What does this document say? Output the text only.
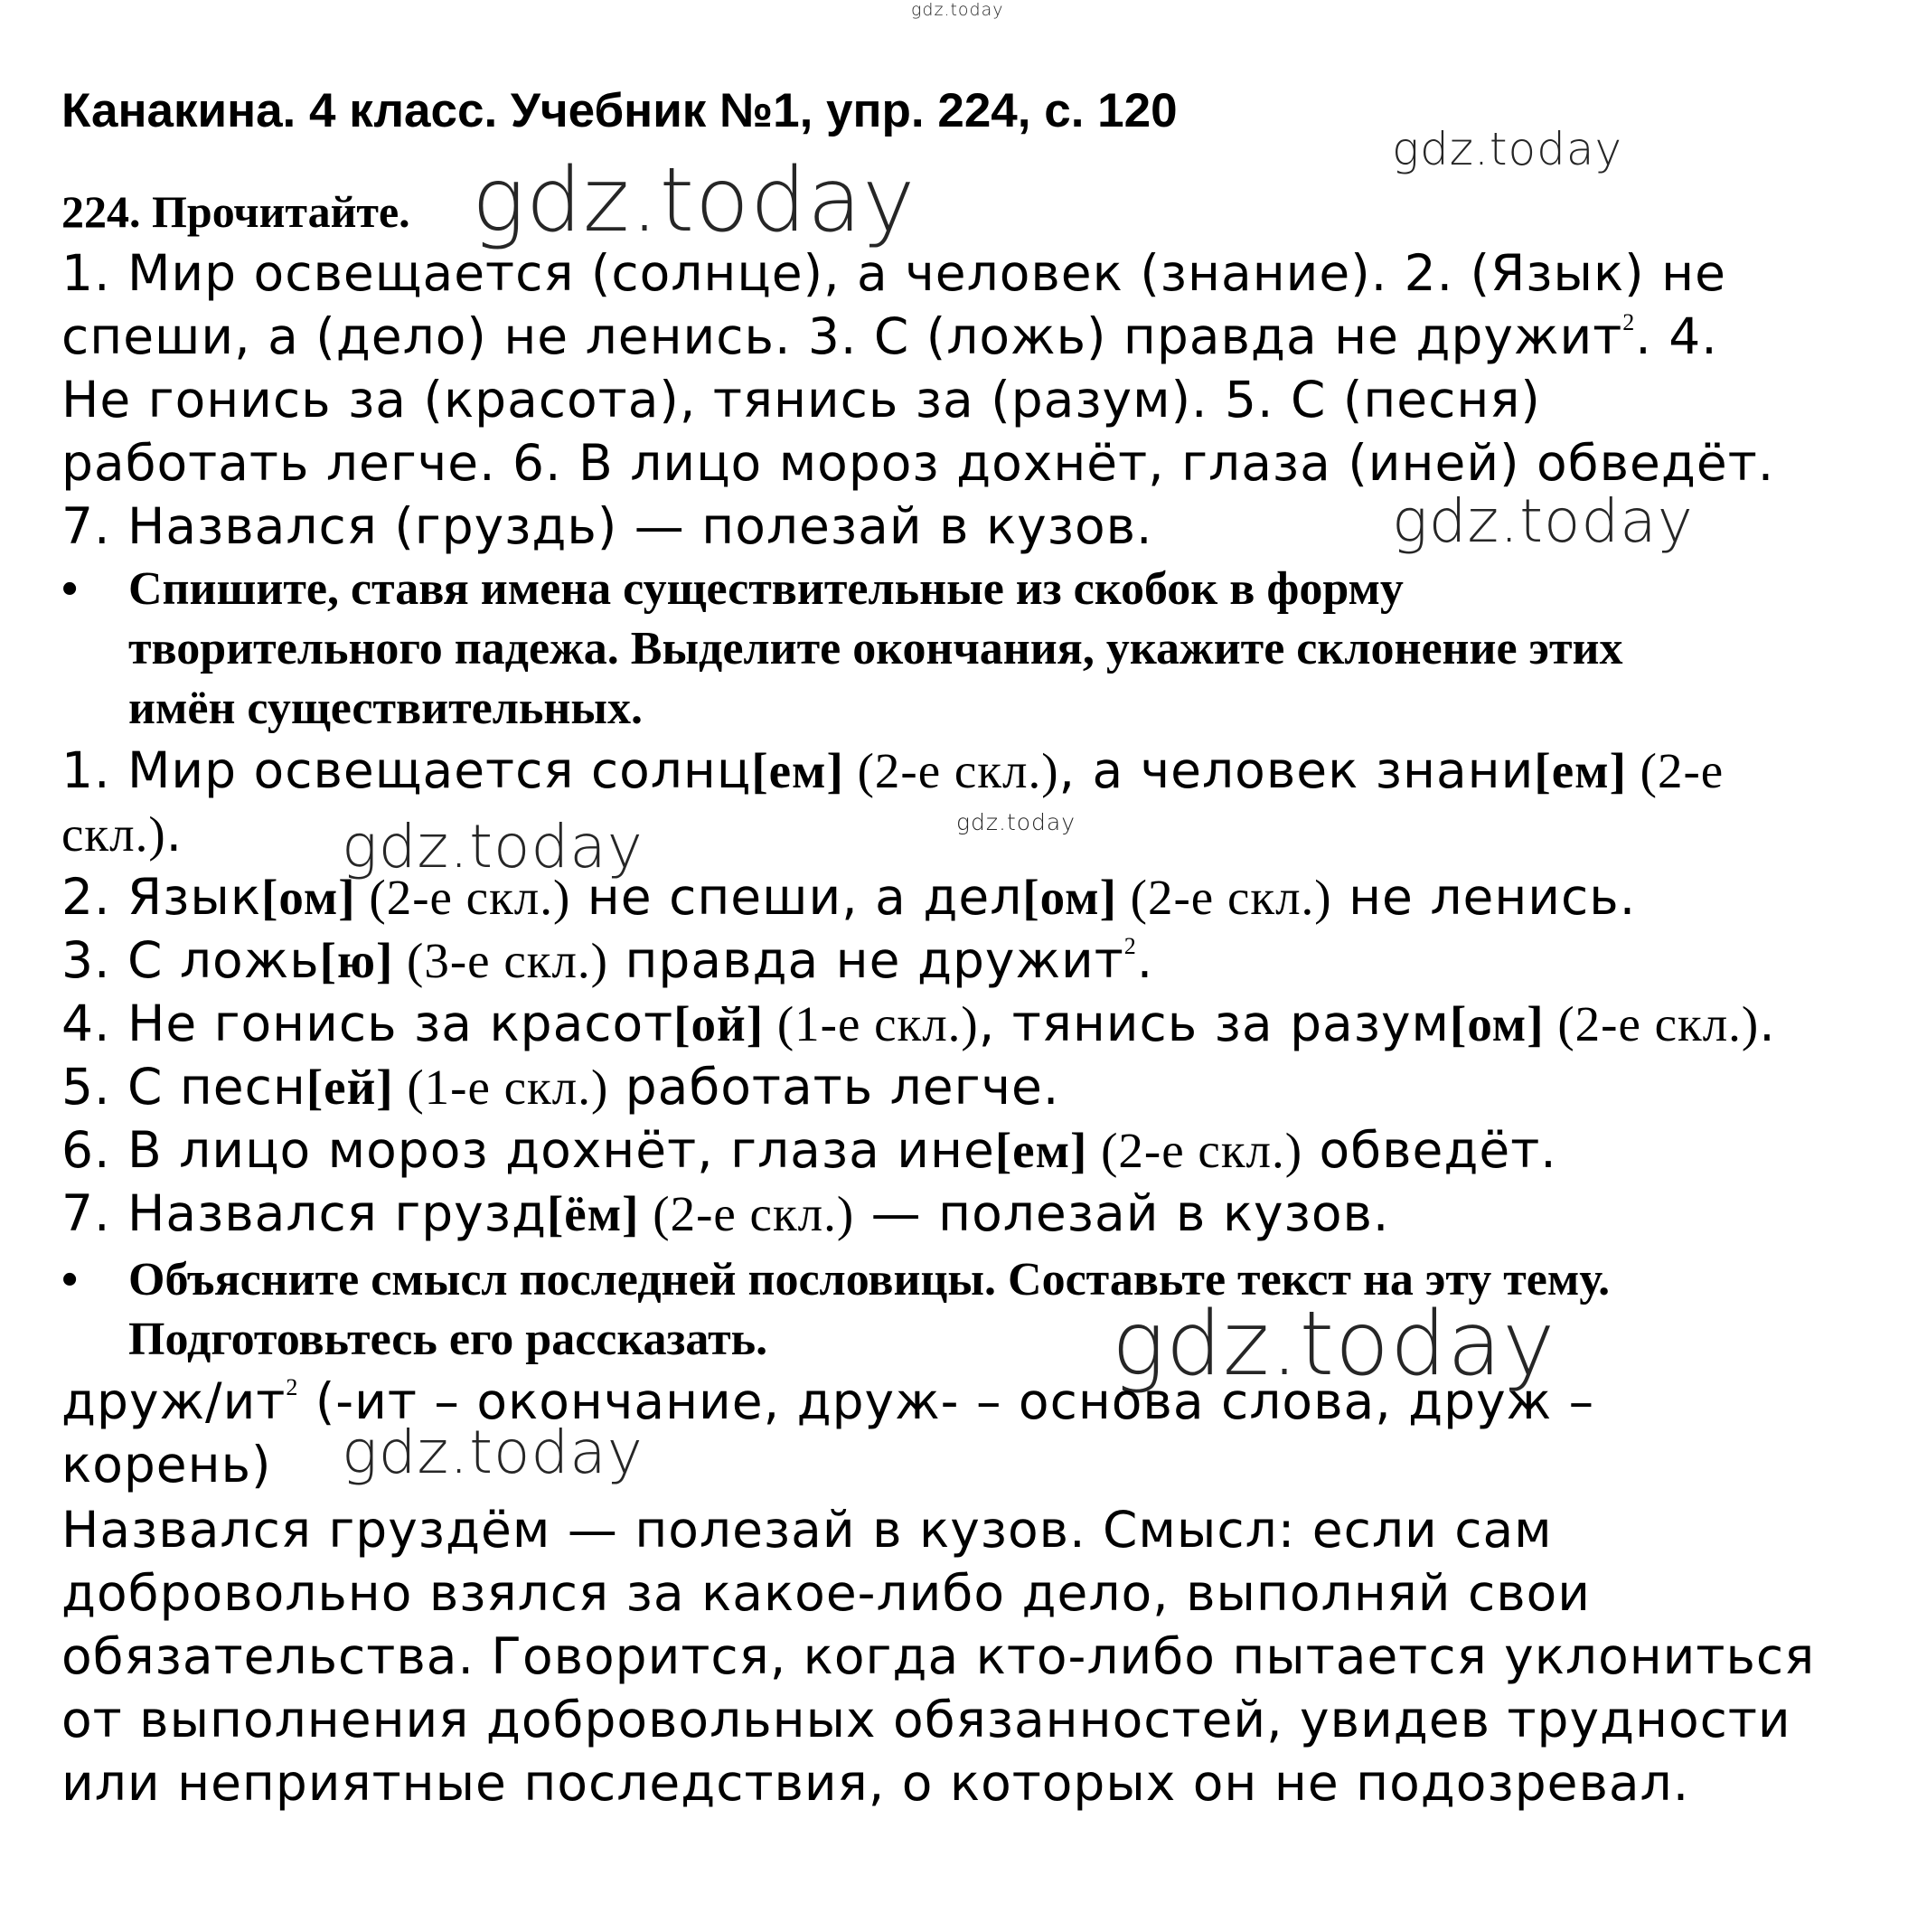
gdz.today
gdz.today
gdz.today
gdz.today
gdz.today
gdz.today
gdz.today
gdz.today
Канакина. 4 класс. Учебник №1, упр. 224, с. 120
224. Прочитайте.
1. Мир освещается (солнце), а человек (знание). 2. (Язык) не
спеши, а (дело) не ленись. 3. С (ложь) правда не дружит$^2$. 4.
Не гонись за (красота), тянись за (разум). 5. С (песня)
работать легче. 6. В лицо мороз дохнёт, глаза (иней) обведёт.
7. Назвался (груздь) — полезай в кузов.
• Спишите, ставя имена существительные из скобок в форму
творительного падежа. Выделите окончания, укажите склонение этих
имён существительных.
1. Мир освещается солнц[ем] (2-е скл.), а человек знани[ем] (2-е
скл.).
2. Язык[ом] (2-е скл.) не спеши, а дел[ом] (2-е скл.) не ленись.
3. С ложь[ю] (3-е скл.) правда не дружит$^2$.
4. Не гонись за красот[ой] (1-е скл.), тянись за разум[ом] (2-е скл.).
5. С песн[ей] (1-е скл.) работать легче.
6. В лицо мороз дохнёт, глаза ине[ем] (2-е скл.) обведёт.
7. Назвался грузд[ём] (2-е скл.) — полезай в кузов.
• Объясните смысл последней пословицы. Составьте текст на эту тему.
Подготовьтесь его рассказать.
друж/$ит^2$ (-ит – окончание, друж- – основа слова, друж –
корень)
Назвался груздём — полезай в кузов. Смысл: если сам
добровольно взялся за какое-либо дело, выполняй свои
обязательства. Говорится, когда кто-либо пытается уклониться
от выполнения добровольных обязанностей, увидев трудности
или неприятные последствия, о которых он не подозревал.
